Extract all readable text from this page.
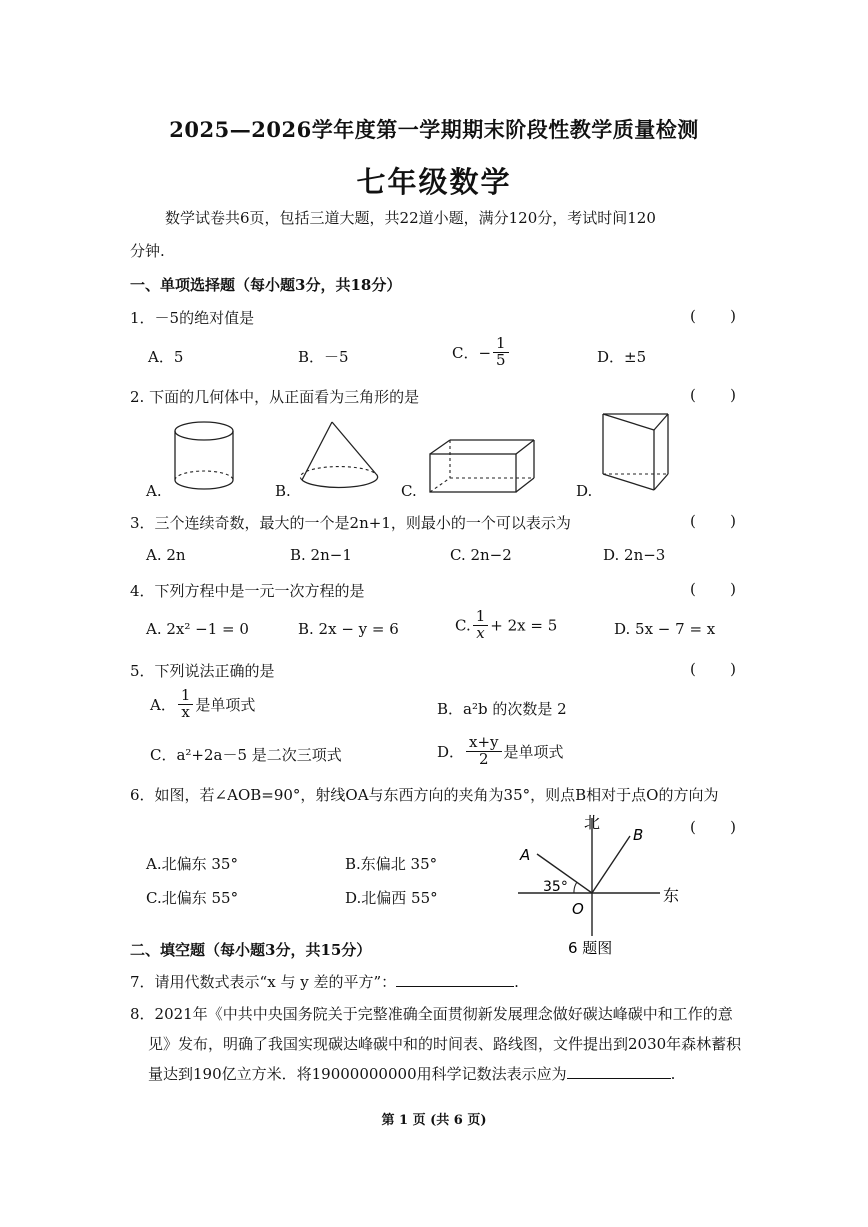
2025—2026学年度第一学期期末阶段性教学质量检测
七年级数学
数学试卷共6页，包括三道大题，共22道小题，满分120分，考试时间120
分钟.
一、单项选择题（每小题3分，共18分）
1．－5的绝对值是	( )
A．5	B．－5	C．− $\frac{1}{5}$	D．±5
2. 下面的几何体中，从正面看为三角形的是	( )
A.	B.	C.	D.
3．三个连续奇数，最大的一个是2n+1，则最小的一个可以表示为	( )
A. 2n	B. 2n−1	C. 2n−2	D. 2n−3
4．下列方程中是一元一次方程的是	( )
A. 2x² −1 = 0	B. 2x − y = 6	C. $\frac{1}{x} + 2x = 5$	D. 5x − 7 = x
5．下列说法正确的是	( )
A． $\frac{1}{x}$ 是单项式	B．a²b 的次数是 2
C．a²+2a－5 是二次三项式	D． $\frac{x+y}{2}$ 是单项式
6．如图，若∠AOB=90°，射线OA与东西方向的夹角为35°，则点B相对于点O的方向为
( )
A.北偏东 35°	B.东偏北 35°
C.北偏东 55°	D.北偏西 55°
北
东
A
B
O
35°
6 题图
二、填空题（每小题3分，共15分）
7．请用代数式表示“x 与 y 差的平方”：	.
8．2021年《中共中央国务院关于完整准确全面贯彻新发展理念做好碳达峰碳中和工作的意
见》发布，明确了我国实现碳达峰碳中和的时间表、路线图，文件提出到2030年森林蓄积
量达到190亿立方米．将19000000000用科学记数法表示应为	.
第 1 页 (共 6 页)
